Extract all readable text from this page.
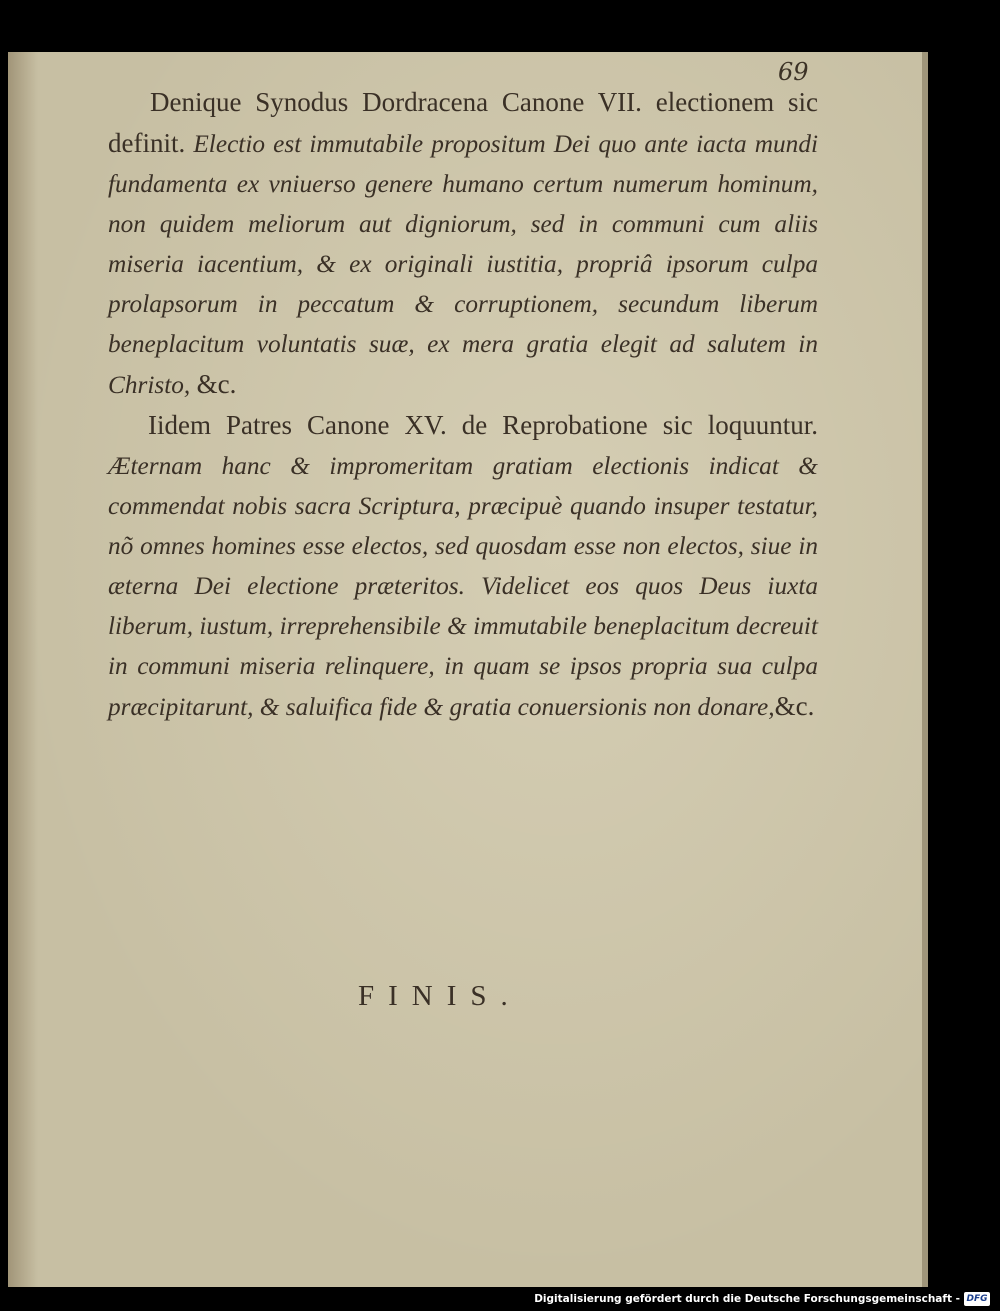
69

Denique Synodus Dordracena Canone VII. electionem sic definit. Electio est immutabile propositum Dei quo ante iacta mundi fundamenta ex vniuerso genere humano certum numerum hominum, non quidem meliorum aut digniorum, sed in communi cum aliis miseria iacentium, & ex originali iustitia, propriâ ipsorum culpa prolapsorum in peccatum & corruptionem, secundum liberum beneplacitum voluntatis suæ, ex mera gratia elegit ad salutem in Christo, &c.

Iidem Patres Canone XV. de Reprobatione sic loquuntur. Æternam hanc & impromeritam gratiam electionis indicat & commendat nobis sacra Scriptura, præcipuè quando insuper testatur, nõ omnes homines esse electos, sed quosdam esse non electos, siue in æterna Dei electione præteritos. Videlicet eos quos Deus iuxta liberum, iustum, irreprehensibile & immutabile beneplacitum decreuit in communi miseria relinquere, in quam se ipsos propria sua culpa præcipitarunt, & saluifica fide & gratia conuersionis non donare,&c.

FINIS.
Digitalisierung gefördert durch die Deutsche Forschungsgemeinschaft - DFG
